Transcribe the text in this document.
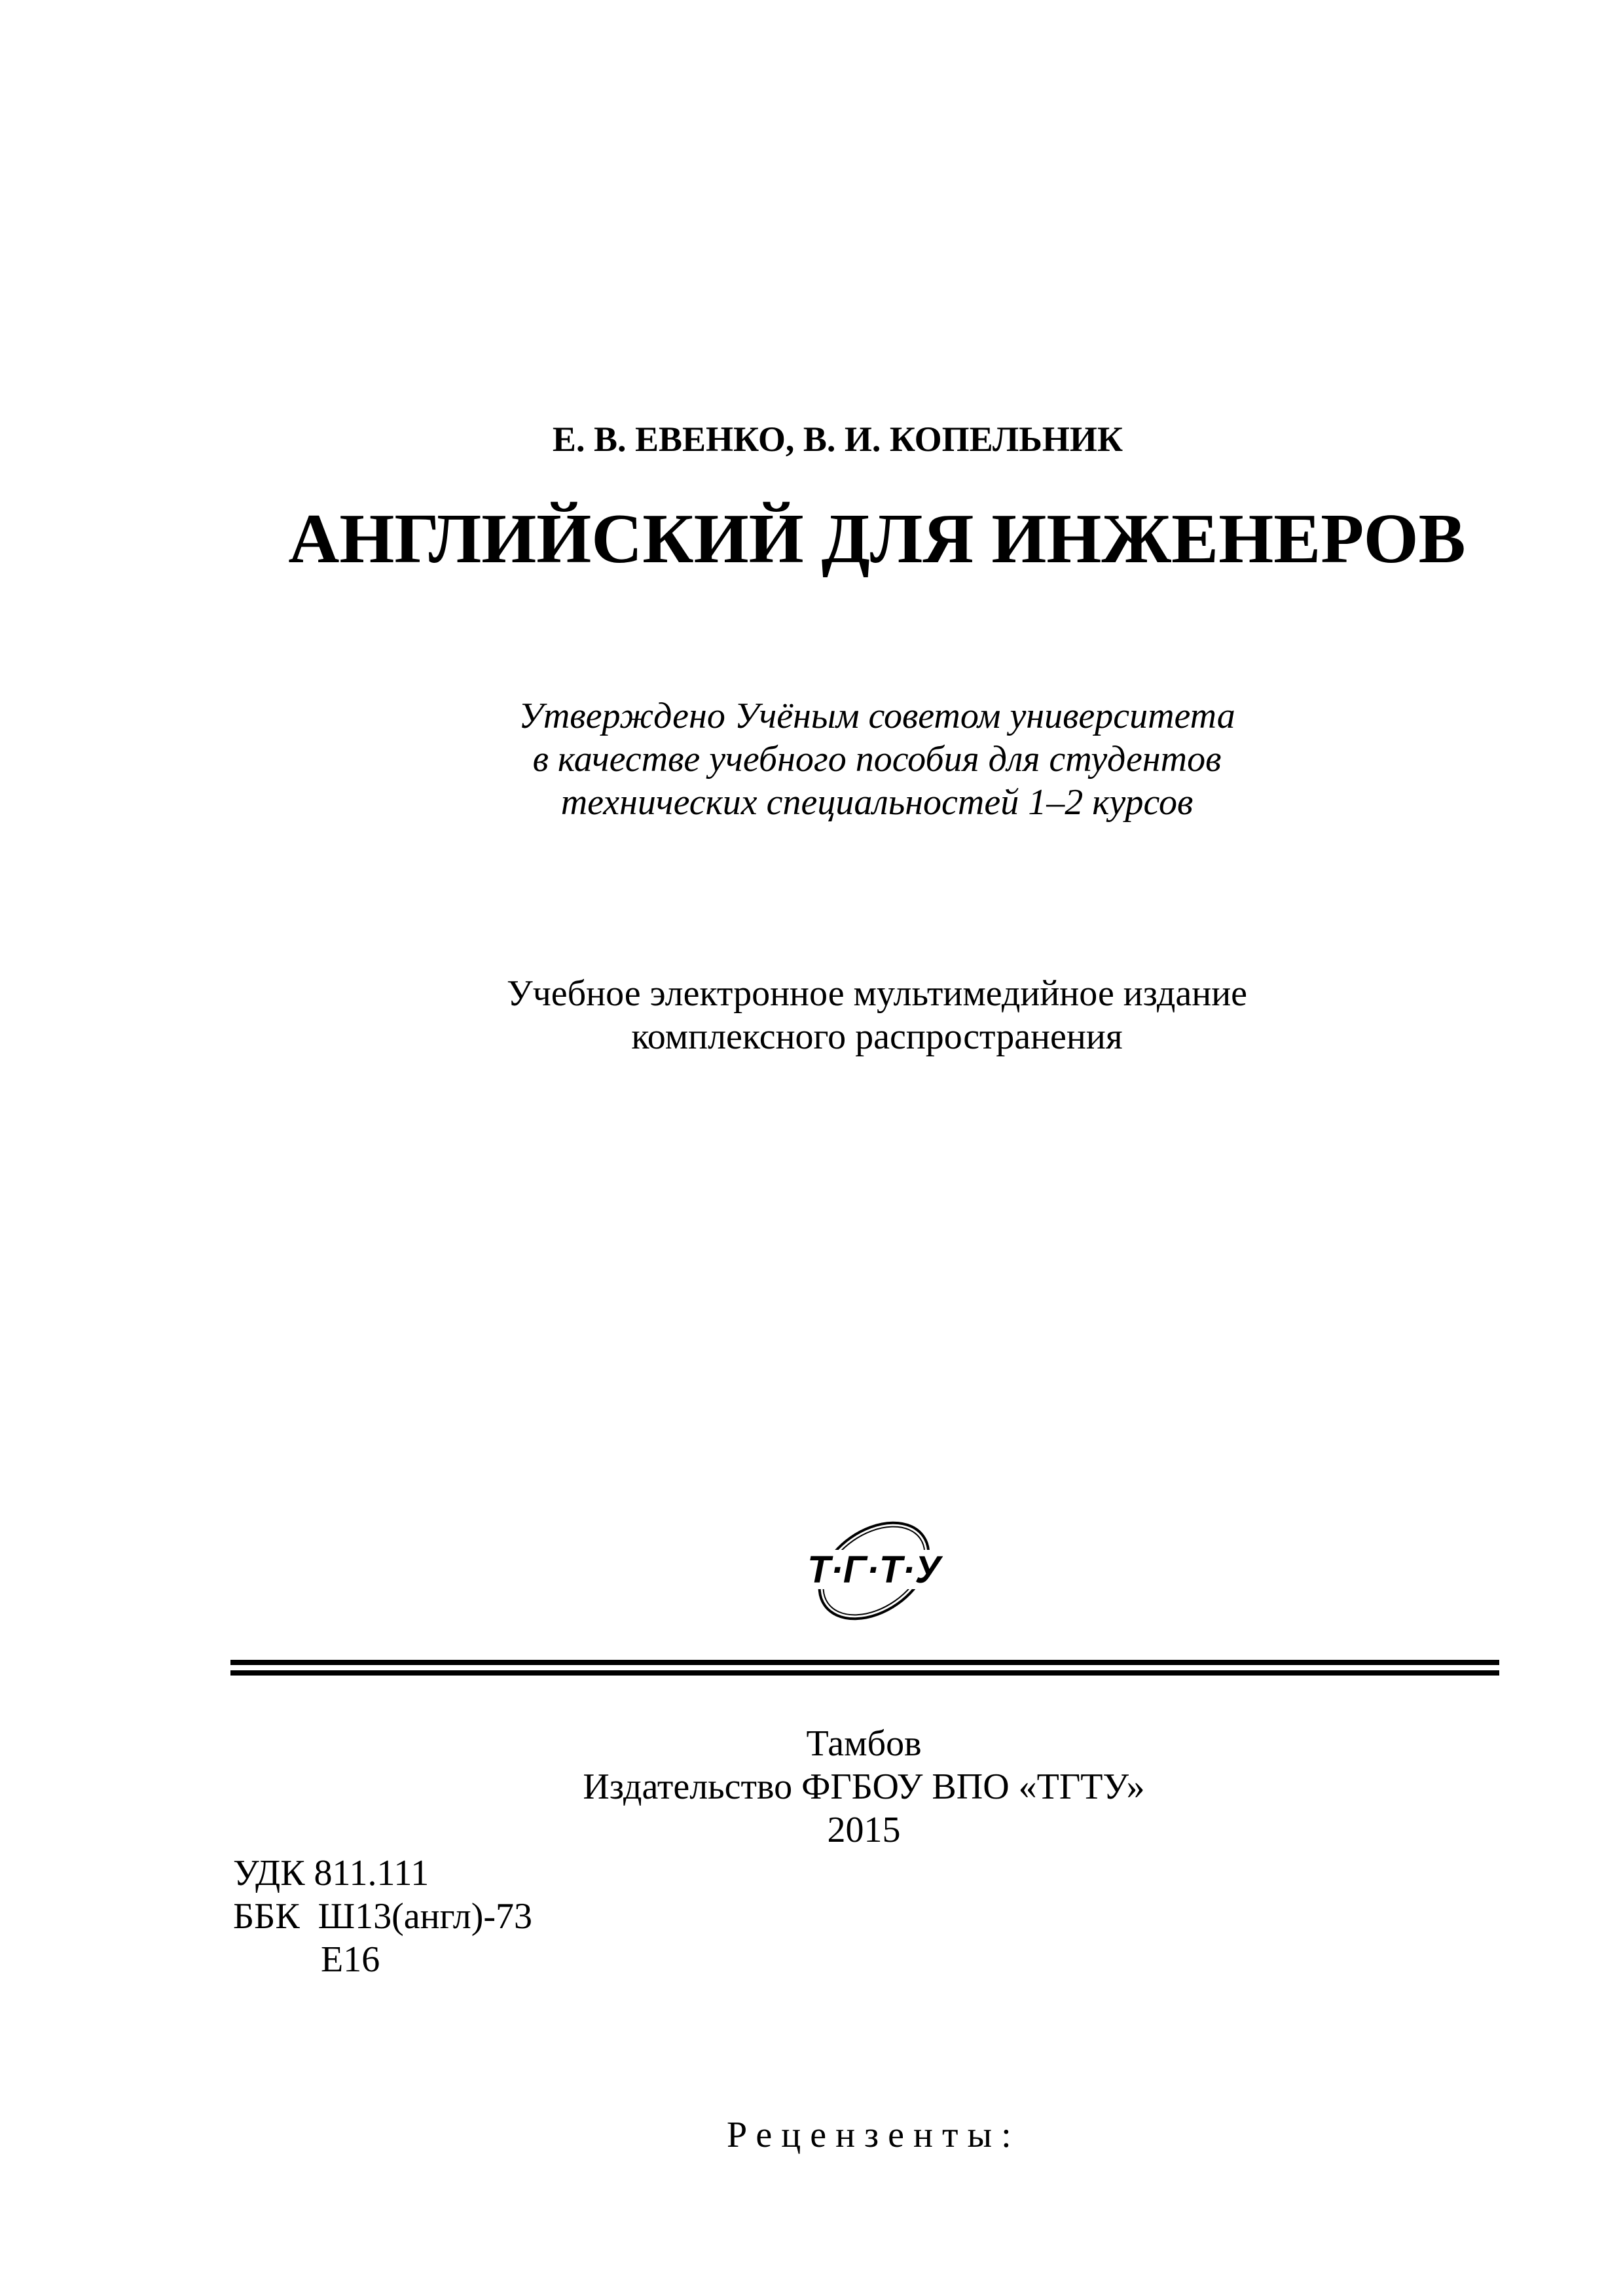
Е. В. ЕВЕНКО, В. И. КОПЕЛЬНИК
АНГЛИЙСКИЙ ДЛЯ ИНЖЕНЕРОВ
Утверждено Учёным советом университета
в качестве учебного пособия для студентов
технических специальностей 1–2 курсов
Учебное электронное мультимедийное издание
комплексного распространения
Т·Г·Т·У
Тамбов
Издательство ФГБОУ ВПО «ТГТУ»
2015
УДК 811.111
ББК  Ш13(англ)-73
Е16
Рецензенты:
